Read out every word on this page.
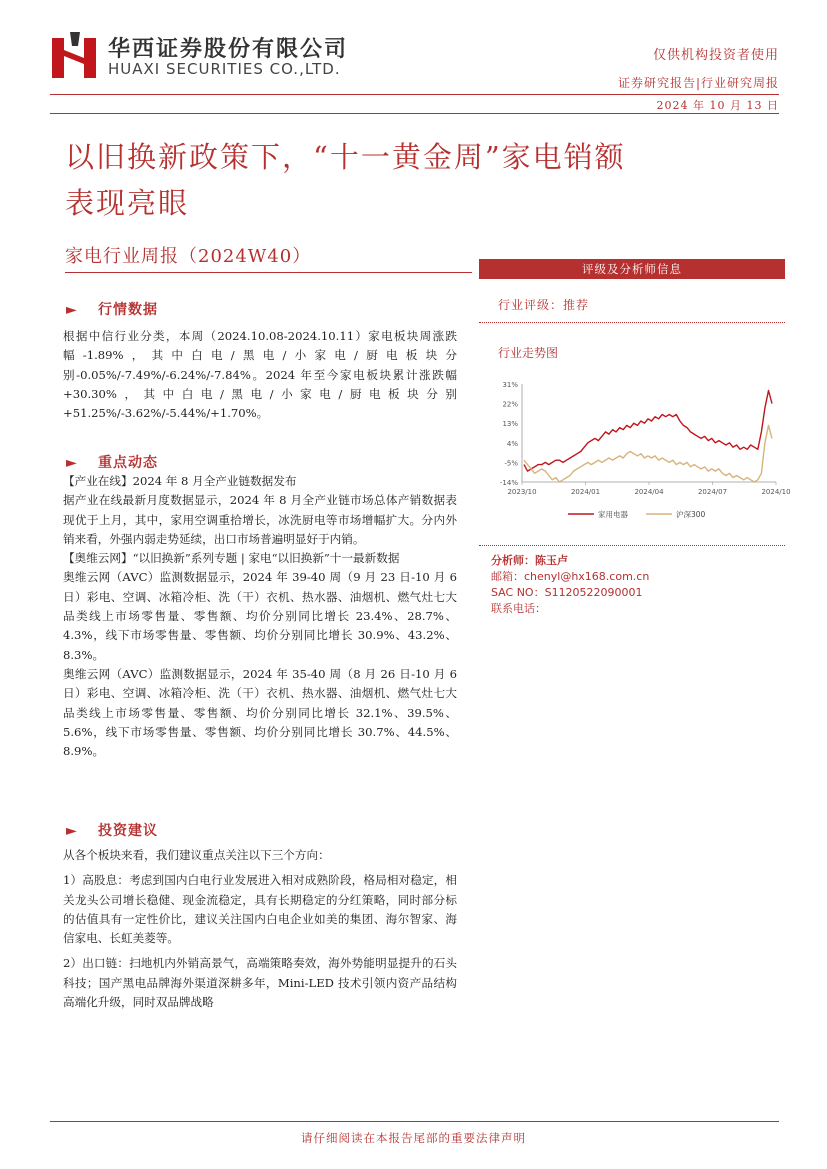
华西证券股份有限公司
HUAXI SECURITIES CO.,LTD.
仅供机构投资者使用
证券研究报告|行业研究周报
2024 年 10 月 13 日
以旧换新政策下，“十一黄金周”家电销额
表现亮眼
家电行业周报（2024W40）
► 行情数据

根据中信行业分类，本周（2024.10.08-2024.10.11）家电板块周涨跌幅-1.89%，其中白电/黑电/小家电/厨电板块分别-0.05%/-7.49%/-6.24%/-7.84%。2024 年至今家电板块累计涨跌幅+30.30%，其中白电/黑电/小家电/厨电板块分别+51.25%/-3.62%/-5.44%/+1.70%。

► 重点动态

【产业在线】2024 年 8 月全产业链数据发布

据产业在线最新月度数据显示，2024 年 8 月全产业链市场总体产销数据表现优于上月，其中，家用空调重拾增长，冰洗厨电等市场增幅扩大。分内外销来看，外强内弱走势延续，出口市场普遍明显好于内销。

【奥维云网】“以旧换新”系列专题 | 家电“以旧换新”十一最新数据

奥维云网（AVC）监测数据显示，2024 年 39-40 周（9 月 23 日-10 月 6 日）彩电、空调、冰箱冷柜、洗（干）衣机、热水器、油烟机、燃气灶七大品类线上市场零售量、零售额、均价分别同比增长 23.4%、28.7%、4.3%，线下市场零售量、零售额、均价分别同比增长 30.9%、43.2%、8.3%。

奥维云网（AVC）监测数据显示，2024 年 35-40 周（8 月 26 日-10 月 6 日）彩电、空调、冰箱冷柜、洗（干）衣机、热水器、油烟机、燃气灶七大品类线上市场零售量、零售额、均价分别同比增长 32.1%、39.5%、5.6%，线下市场零售量、零售额、均价分别同比增长 30.7%、44.5%、8.9%。

► 投资建议

从各个板块来看，我们建议重点关注以下三个方向：

1）高股息：考虑到国内白电行业发展进入相对成熟阶段，格局相对稳定，相关龙头公司增长稳健、现金流稳定，具有长期稳定的分红策略，同时部分标的估值具有一定性价比，建议关注国内白电企业如美的集团、海尔智家、海信家电、长虹美菱等。

2）出口链：扫地机内外销高景气，高端策略奏效，海外势能明显提升的石头科技；国产黑电品牌海外渠道深耕多年，Mini-LED 技术引领内资产品结构高端化升级，同时双品牌战略

评级及分析师信息
行业评级：推荐
行业走势图
31%
22%
13%
4%
-5%
-14%
2023/10	2024/01	2024/04	2024/07	2024/10
家用电器	沪深300
分析师：陈玉卢
邮箱：chenyl@hx168.com.cn
SAC NO：S1120522090001
联系电话：
请仔细阅读在本报告尾部的重要法律声明
